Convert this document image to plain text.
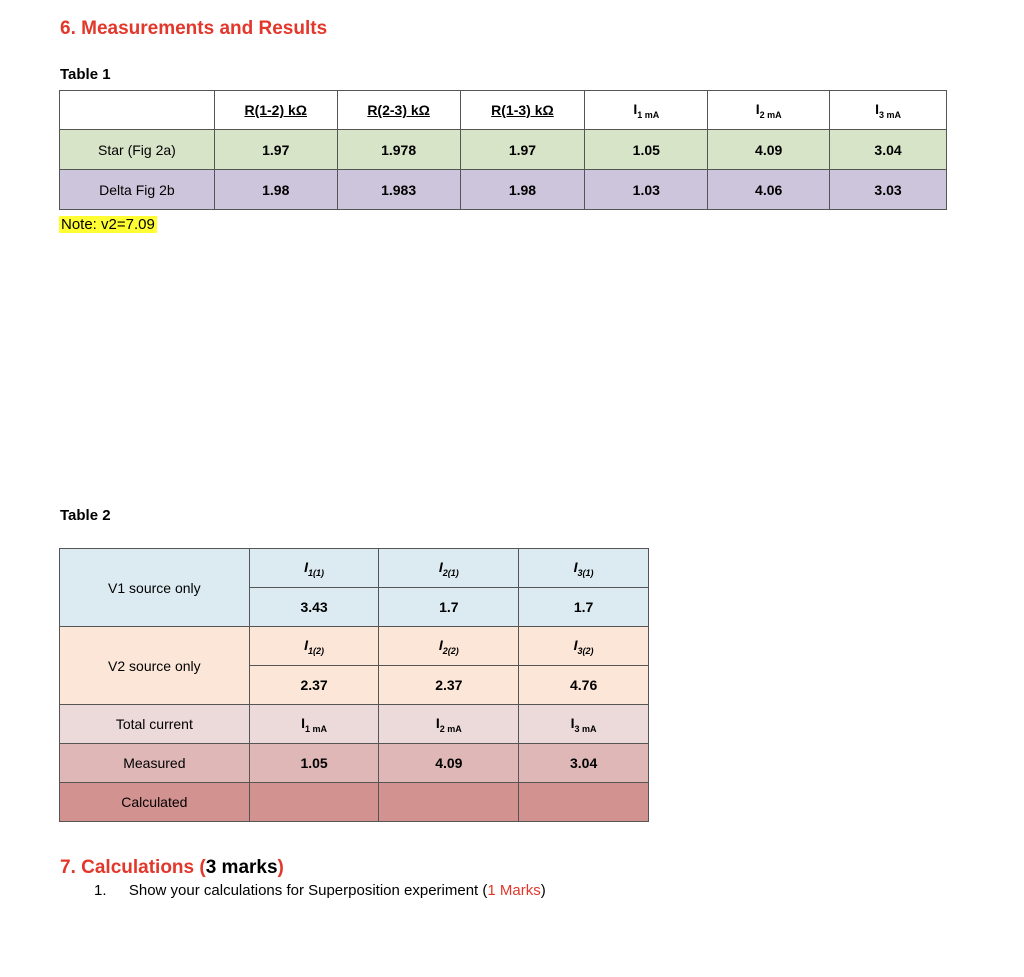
6. Measurements and Results
Table 1
	R(1-2) kΩ	R(2-3) kΩ	R(1-3) kΩ	$I_{1 mA}$	$I_{2 mA}$	$I_{3 mA}$
Star (Fig 2a)	1.97	1.978	1.97	1.05	4.09	3.04
Delta Fig 2b	1.98	1.983	1.98	1.03	4.06	3.03
Note: v2=7.09
Table 2
V1 source only	$I_{1(1)}$	$I_{2(1)}$	$I_{3(1)}$
	3.43	1.7	1.7
V2 source only	$I_{1(2)}$	$I_{2(2)}$	$I_{3(2)}$
	2.37	2.37	4.76
Total current	$I_{1 mA}$	$I_{2 mA}$	$I_{3 mA}$
Measured	1.05	4.09	3.04
Calculated			
7. Calculations (3 marks)
1. Show your calculations for Superposition experiment (1 Marks)
